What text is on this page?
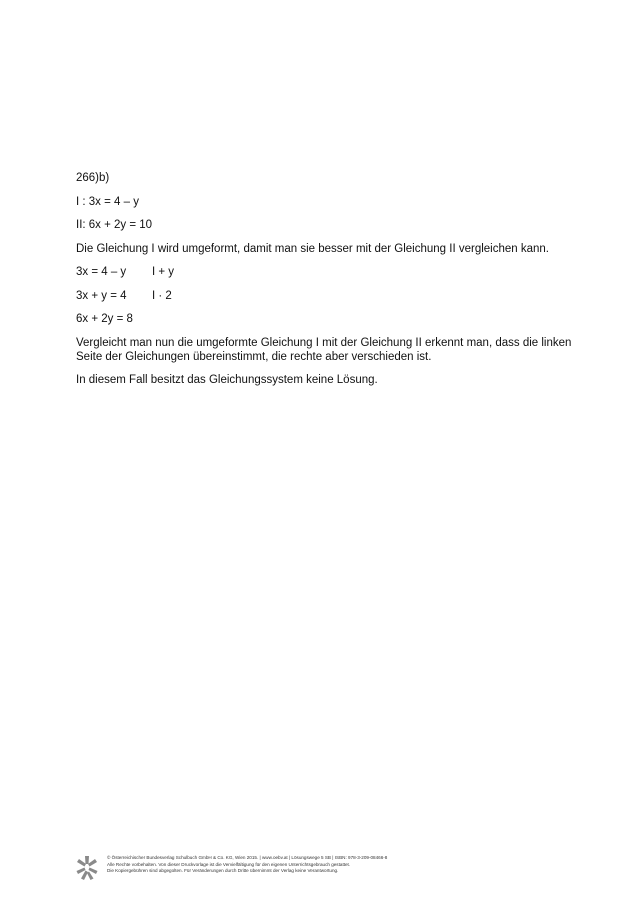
266)b)

I : 3x = 4 – y

II: 6x + 2y = 10

Die Gleichung I wird umgeformt, damit man sie besser mit der Gleichung II vergleichen kann.

3x = 4 – y	I + y
3x + y = 4	I · 2
6x + 2y = 8

Vergleicht man nun die umgeformte Gleichung I mit der Gleichung II erkennt man, dass die linken Seite der Gleichungen übereinstimmt, die rechte aber verschieden ist.

In diesem Fall besitzt das Gleichungssystem keine Lösung.

© Österreichischer Bundesverlag Schulbuch GmbH & Co. KG, Wien 2015. | www.oebv.at | Lösungswege 5 SB | ISBN: 978-3-209-08466-8
Alle Rechte vorbehalten. Von dieser Druckvorlage ist die Vervielfältigung für den eigenen Unterrichtsgebrauch gestattet.
Die Kopiergebühren sind abgegolten. Für Veränderungen durch Dritte übernimmt der Verlag keine Verantwortung.
